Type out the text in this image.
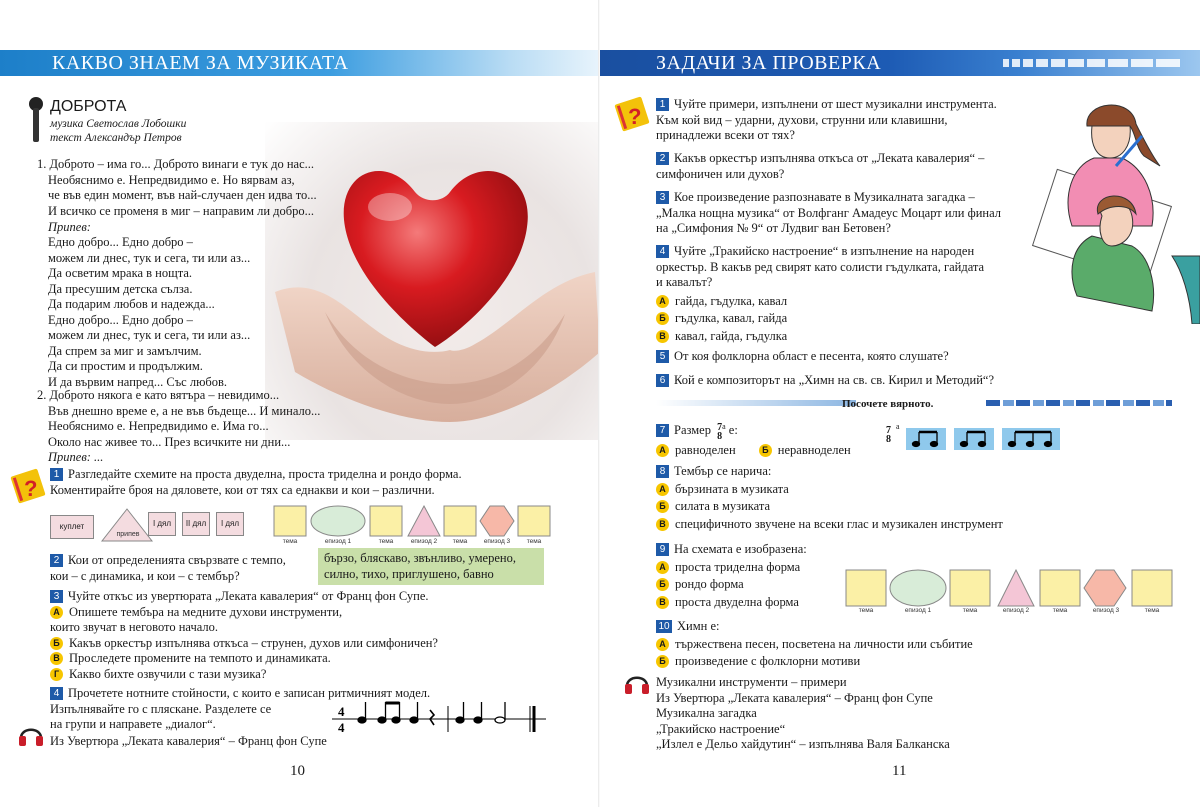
КАКВО ЗНАЕМ ЗА МУЗИКАТА
ДОБРОТА
музика Светослав Лобошки
текст Александър Петров
1. Доброто – има го... Доброто винаги е тук до нас...
Необяснимо е. Непредвидимо е. Но вярвам аз,
че във един момент, във най-случаен ден идва то...
И всичко се променя в миг – направим ли добро...
Припев:
Едно добро... Едно добро –
можем ли днес, тук и сега, ти или аз...
Да осветим мрака в нощта.
Да пресушим детска сълза.
Да подарим любов и надежда...
Едно добро... Едно добро –
можем ли днес, тук и сега, ти или аз...
Да спрем за миг и замълчим.
Да си простим и продължим.
И да вървим напред... Със любов.
2. Доброто някога е като вятъра – невидимо...
Във днешно време е, а не във бъдеще... И минало...
Необяснимо е. Непредвидимо е. Има го...
Около нас живее то... През всичките ни дни...
Припев: ...
?
1 Разгледайте схемите на проста двуделна, проста триделна и рондо форма.
Коментирайте броя на дяловете, кои от тях са еднакви и кои – различни.
куплет
припев
I дял	II дял	I дял
тема	епизод 1	тема	епизод 2	тема	епизод 3	тема
2 Кои от определенията свързвате с темпо,
кои – с динамика, и кои – с тембър?
бързо, бляскаво, звънливо, умерено,
силно, тихо, приглушено, бавно
3 Чуйте откъс из увертюрата „Леката кавалерия“ от Франц фон Супе.
А Опишете тембъра на медните духови инструменти,
които звучат в неговото начало.
Б Какъв оркестър изпълнява откъса – струнен, духов или симфоничен?
В Проследете промените на темпото и динамиката.
Г Какво бихте озвучили с тази музика?
4 Прочетете нотните стойности, с които е записан ритмичният модел.
Изпълнявайте го с пляскане. Разделете се
на групи и направете „диалог“.
4
4
Из Увертюра „Леката кавалерия“ – Франц фон Супе
10
ЗАДАЧИ ЗА ПРОВЕРКА
?	1 Чуйте примери, изпълнени от шест музикални инструмента.
Към кой вид – ударни, духови, струнни или клавишни,
принадлежи всеки от тях?
2 Какъв оркестър изпълнява откъса от „Леката кавалерия“ –
симфоничен или духов?
3 Кое произведение разпознавате в Музикалната загадка –
„Малка нощна музика“ от Волфганг Амадеус Моцарт или финал
на „Симфония № 9“ от Лудвиг ван Бетовен?
4 Чуйте „Тракийско настроение“ в изпълнение на народен
оркестър. В какъв ред свирят като солисти гъдулката, гайдата
и кавалът?
А гайда, гъдулка, кавал
Б гъдулка, кавал, гайда
В кавал, гайда, гъдулка
5 От коя фолклорна област е песента, която слушате?
6 Кой е композиторът на „Химн на св. св. Кирил и Методий“?
Посочете вярното.
7 Размер 7
$8^а$ е:
А равноделен	Б неравноделен
7
8
а
8 Тембър се нарича:
А бързината в музиката
Б силата в музиката
В специфичното звучене на всеки глас и музикален инструмент
9 На схемата е изобразена:
А проста триделна форма
Б рондо форма
В проста двуделна форма
тема	епизод 1	тема	епизод 2	тема	епизод 3	тема
10 Химн е:
А тържествена песен, посветена на личности или събитие
Б произведение с фолклорни мотиви
Музикални инструменти – примери
Из Увертюра „Леката кавалерия“ – Франц фон Супе
Музикална загадка
„Тракийско настроение“
„Излел е Дельо хайдутин“ – изпълнява Валя Балканска
11
